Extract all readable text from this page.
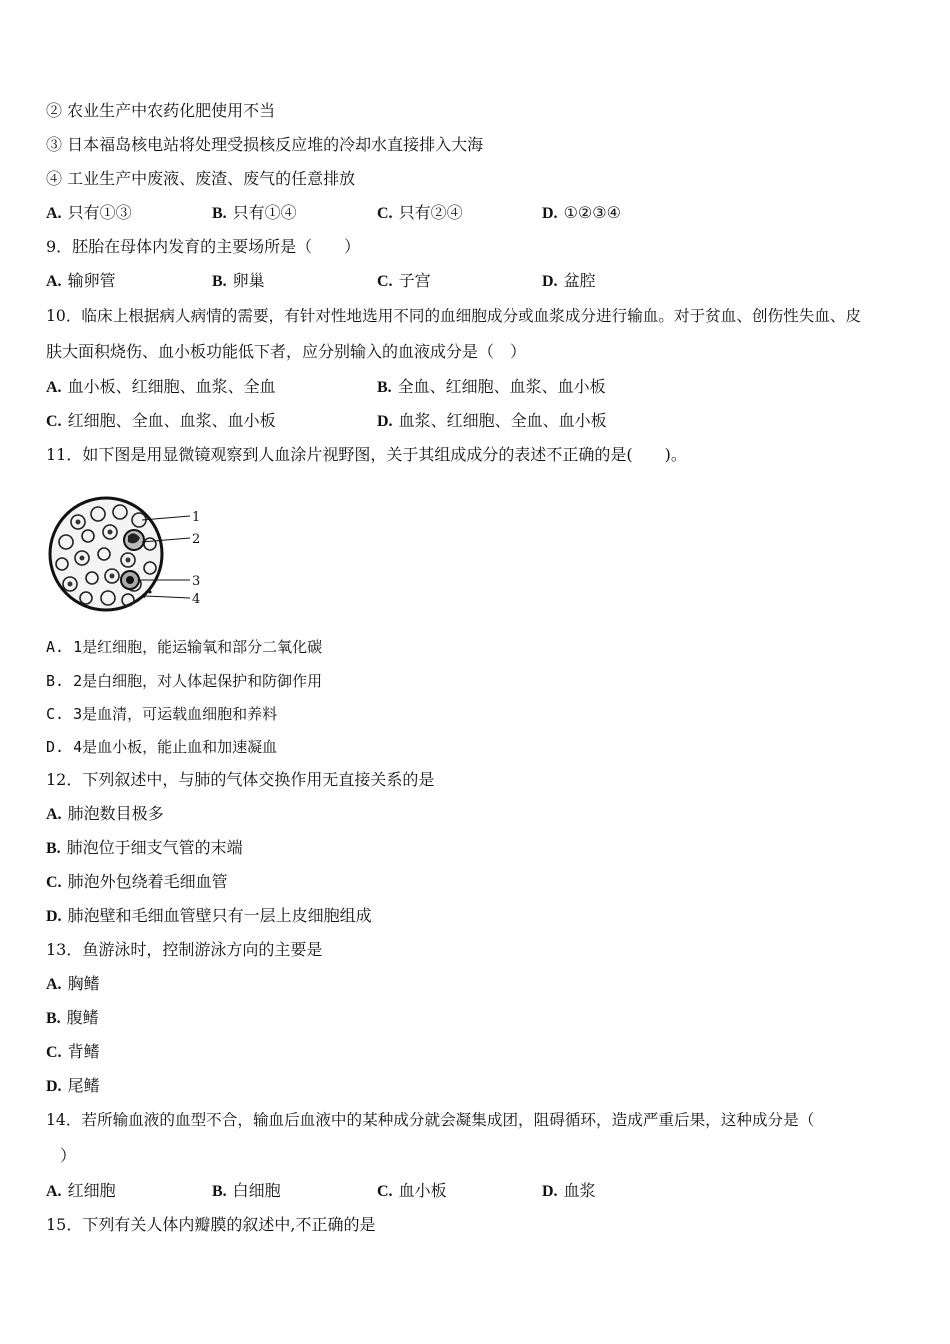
② 农业生产中农药化肥使用不当
③ 日本福岛核电站将处理受损核反应堆的冷却水直接排入大海
④ 工业生产中废液、废渣、废气的任意排放
A. 只有①③	B. 只有①④	C. 只有②④	D. ①②③④
9．胚胎在母体内发育的主要场所是（　　）
A. 输卵管	B. 卵巢	C. 子宫	D. 盆腔
10．临床上根据病人病情的需要，有针对性地选用不同的血细胞成分或血浆成分进行输血。对于贫血、创伤性失血、皮
肤大面积烧伤、血小板功能低下者，应分别输入的血液成分是（　）
A. 血小板、红细胞、血浆、全血	B. 全血、红细胞、血浆、血小板
C. 红细胞、全血、血浆、血小板	D. 血浆、红细胞、全血、血小板
11．如下图是用显微镜观察到人血涂片视野图，关于其组成成分的表述不正确的是(　　)。
1
2
3
4
A. 1是红细胞，能运输氧和部分二氧化碳
B. 2是白细胞，对人体起保护和防御作用
C. 3是血清，可运载血细胞和养料
D. 4是血小板，能止血和加速凝血
12．下列叙述中，与肺的气体交换作用无直接关系的是
A. 肺泡数目极多
B. 肺泡位于细支气管的末端
C. 肺泡外包绕着毛细血管
D. 肺泡壁和毛细血管壁只有一层上皮细胞组成
13．鱼游泳时，控制游泳方向的主要是
A. 胸鳍
B. 腹鳍
C. 背鳍
D. 尾鳍
14．若所输血液的血型不合，输血后血液中的某种成分就会凝集成团，阻碍循环，造成严重后果，这种成分是（
）
A. 红细胞	B. 白细胞	C. 血小板	D. 血浆
15．下列有关人体内瓣膜的叙述中,不正确的是
